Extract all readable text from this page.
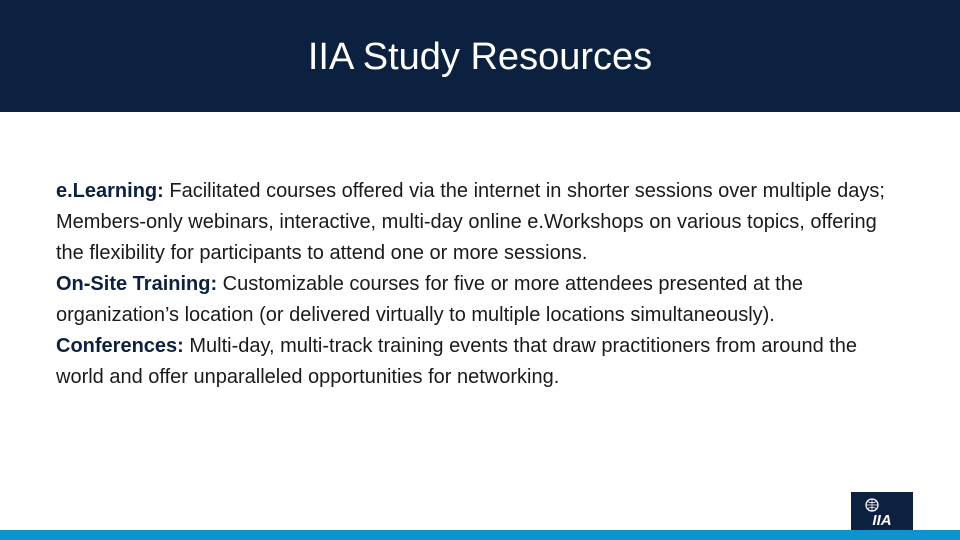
IIA Study Resources

e.Learning: Facilitated courses offered via the internet in shorter sessions over multiple days; Members-only webinars, interactive, multi-day online e.Workshops on various topics, offering the flexibility for participants to attend one or more sessions.

On-Site Training: Customizable courses for five or more attendees presented at the organization’s location (or delivered virtually to multiple locations simultaneously).

Conferences: Multi-day, multi-track training events that draw practitioners from around the world and offer unparalleled opportunities for networking.

IIA
